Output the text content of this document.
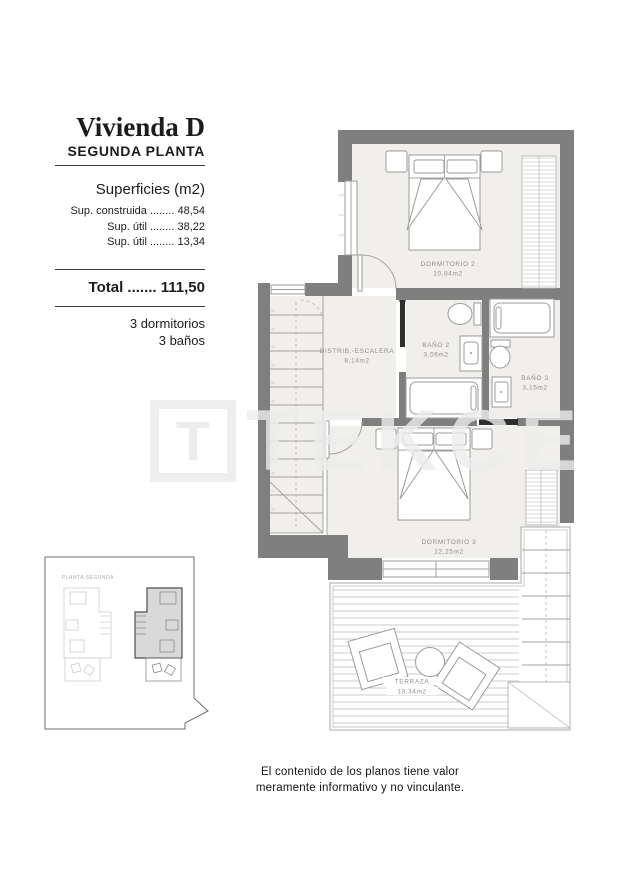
Vivienda D
SEGUNDA PLANTA
Superficies (m2)
Sup. construida ........ 48,54
Sup. útil ........ 38,22
Sup. útil ........ 13,34
Total ....... 111,50
3 dormitorios
3 baños
TERRAZA
13,34m2
DORMITORIO 2
10,84m2
DISTRIB.-ESCALERA
8,14m2
BAÑO 2
3,56m2
BAÑO 3
3,15m2
DORMITORIO 3
12,25m2
PLANTA SEGUNDA
T TEKCE
El contenido de los planos tiene valor
meramente informativo y no vinculante.
